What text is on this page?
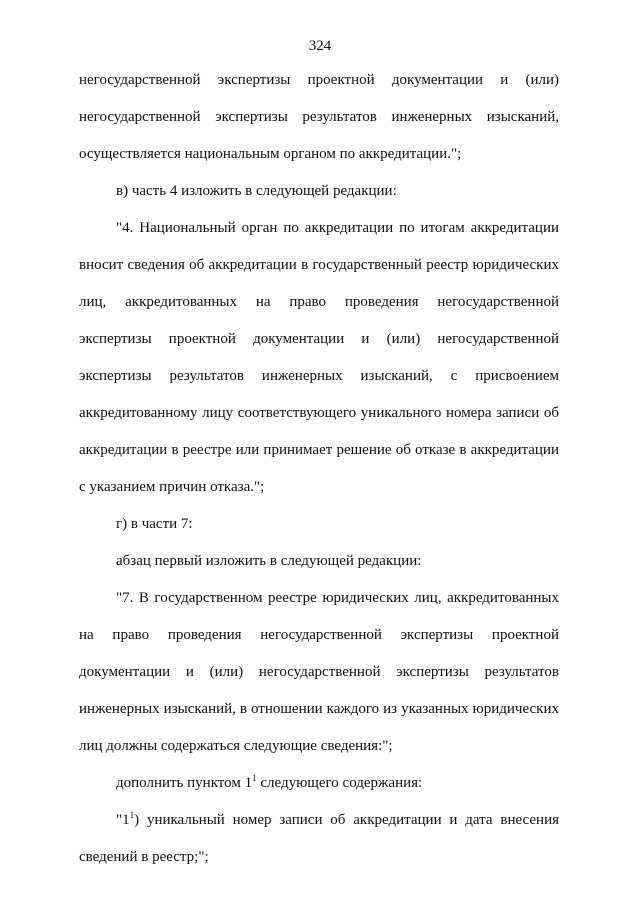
324
негосударственной экспертизы проектной документации и (или)
негосударственной экспертизы результатов инженерных изысканий,
осуществляется национальным органом по аккредитации.";
в) часть 4 изложить в следующей редакции:
"4. Национальный орган по аккредитации по итогам аккредитации
вносит сведения об аккредитации в государственный реестр юридических
лиц, аккредитованных на право проведения негосударственной
экспертизы проектной документации и (или) негосударственной
экспертизы результатов инженерных изысканий, с присвоением
аккредитованному лицу соответствующего уникального номера записи об
аккредитации в реестре или принимает решение об отказе в аккредитации
с указанием причин отказа.";
г) в части 7:
абзац первый изложить в следующей редакции:
"7. В государственном реестре юридических лиц, аккредитованных
на право проведения негосударственной экспертизы проектной
документации и (или) негосударственной экспертизы результатов
инженерных изысканий, в отношении каждого из указанных юридических
лиц должны содержаться следующие сведения:";
дополнить пунктом $1^1$ следующего содержания:
"$1^1$) уникальный номер записи об аккредитации и дата внесения
сведений в реестр;";
